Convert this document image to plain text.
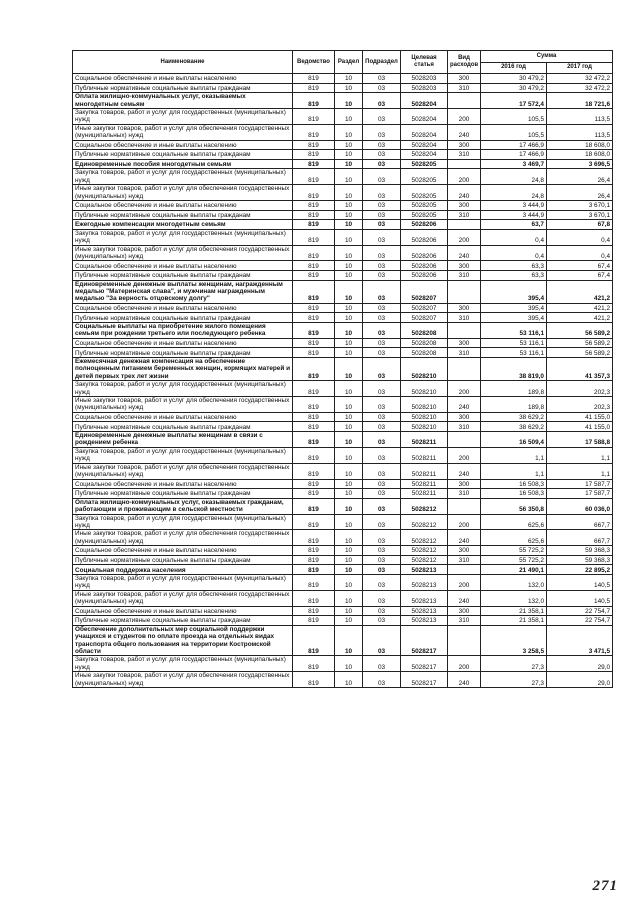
Наименование	Ведомство	Раздел	Подраздел	Целевая статья	Вид расходов	Сумма	
						2016 год	2017 год
Социальное обеспечение и иные выплаты населению	819	10	03	5028203	300	30 479,2	32 472,2
Публичные нормативные социальные выплаты гражданам	819	10	03	5028203	310	30 479,2	32 472,2
Оплата жилищно-коммунальных услуг, оказываемых многодетным семьям	819	10	03	5028204		17 572,4	18 721,6
Закупка товаров, работ и услуг для государственных (муниципальных) нужд	819	10	03	5028204	200	105,5	113,5
Иные закупки товаров, работ и услуг для обеспечения государственных (муниципальных) нужд	819	10	03	5028204	240	105,5	113,5
Социальное обеспечение и иные выплаты населению	819	10	03	5028204	300	17 466,9	18 608,0
Публичные нормативные социальные выплаты гражданам	819	10	03	5028204	310	17 466,9	18 608,0
Единовременные пособия многодетным семьям	819	10	03	5028205		3 469,7	3 696,5
Закупка товаров, работ и услуг для государственных (муниципальных) нужд	819	10	03	5028205	200	24,8	26,4
Иные закупки товаров, работ и услуг для обеспечения государственных (муниципальных) нужд	819	10	03	5028205	240	24,8	26,4
Социальное обеспечение и иные выплаты населению	819	10	03	5028205	300	3 444,9	3 670,1
Публичные нормативные социальные выплаты гражданам	819	10	03	5028205	310	3 444,9	3 670,1
Ежегодные компенсации многодетным семьям	819	10	03	5028206		63,7	67,8
Закупка товаров, работ и услуг для государственных (муниципальных) нужд	819	10	03	5028206	200	0,4	0,4
Иные закупки товаров, работ и услуг для обеспечения государственных (муниципальных) нужд	819	10	03	5028206	240	0,4	0,4
Социальное обеспечение и иные выплаты населению	819	10	03	5028206	300	63,3	67,4
Публичные нормативные социальные выплаты гражданам	819	10	03	5028206	310	63,3	67,4
Единовременные денежные выплаты женщинам, награжденным медалью "Материнская слава", и мужчинам награжденным медалью "За верность отцовскому долгу"	819	10	03	5028207		395,4	421,2
Социальное обеспечение и иные выплаты населению	819	10	03	5028207	300	395,4	421,2
Публичные нормативные социальные выплаты гражданам	819	10	03	5028207	310	395,4	421,2
Социальные выплаты на приобретение жилого помещения семьям при рождении третьего или последующего ребенка	819	10	03	5028208		53 116,1	56 589,2
Социальное обеспечение и иные выплаты населению	819	10	03	5028208	300	53 116,1	56 589,2
Публичные нормативные социальные выплаты гражданам	819	10	03	5028208	310	53 116,1	56 589,2
Ежемесячная денежная компенсация на обеспечение полноценным питанием беременных женщин, кормящих матерей и детей первых трех лет жизни	819	10	03	5028210		38 819,0	41 357,3
Закупка товаров, работ и услуг для государственных (муниципальных) нужд	819	10	03	5028210	200	189,8	202,3
Иные закупки товаров, работ и услуг для обеспечения государственных (муниципальных) нужд	819	10	03	5028210	240	189,8	202,3
Социальное обеспечение и иные выплаты населению	819	10	03	5028210	300	38 629,2	41 155,0
Публичные нормативные социальные выплаты гражданам	819	10	03	5028210	310	38 629,2	41 155,0
Единовременные денежные выплаты женщинам в связи с рождением ребенка	819	10	03	5028211		16 509,4	17 588,8
Закупка товаров, работ и услуг для государственных (муниципальных) нужд	819	10	03	5028211	200	1,1	1,1
Иные закупки товаров, работ и услуг для обеспечения государственных (муниципальных) нужд	819	10	03	5028211	240	1,1	1,1
Социальное обеспечение и иные выплаты населению	819	10	03	5028211	300	16 508,3	17 587,7
Публичные нормативные социальные выплаты гражданам	819	10	03	5028211	310	16 508,3	17 587,7
Оплата жилищно-коммунальных услуг, оказываемых гражданам, работающим и проживающим в сельской местности	819	10	03	5028212		56 350,8	60 036,0
Закупка товаров, работ и услуг для государственных (муниципальных) нужд	819	10	03	5028212	200	625,6	667,7
Иные закупки товаров, работ и услуг для обеспечения государственных (муниципальных) нужд	819	10	03	5028212	240	625,6	667,7
Социальное обеспечение и иные выплаты населению	819	10	03	5028212	300	55 725,2	59 368,3
Публичные нормативные социальные выплаты гражданам	819	10	03	5028212	310	55 725,2	59 368,3
Социальная поддержка населения	819	10	03	5028213		21 490,1	22 895,2
Закупка товаров, работ и услуг для государственных (муниципальных) нужд	819	10	03	5028213	200	132,0	140,5
Иные закупки товаров, работ и услуг для обеспечения государственных (муниципальных) нужд	819	10	03	5028213	240	132,0	140,5
Социальное обеспечение и иные выплаты населению	819	10	03	5028213	300	21 358,1	22 754,7
Публичные нормативные социальные выплаты гражданам	819	10	03	5028213	310	21 358,1	22 754,7
Обеспечение дополнительных мер социальной поддержки учащихся и студентов по оплате проезда на отдельных видах транспорта общего пользования на территории Костромской области	819	10	03	5028217		3 258,5	3 471,5
Закупка товаров, работ и услуг для государственных (муниципальных) нужд	819	10	03	5028217	200	27,3	29,0
Иные закупки товаров, работ и услуг для обеспечения государственных (муниципальных) нужд	819	10	03	5028217	240	27,3	29,0
271
